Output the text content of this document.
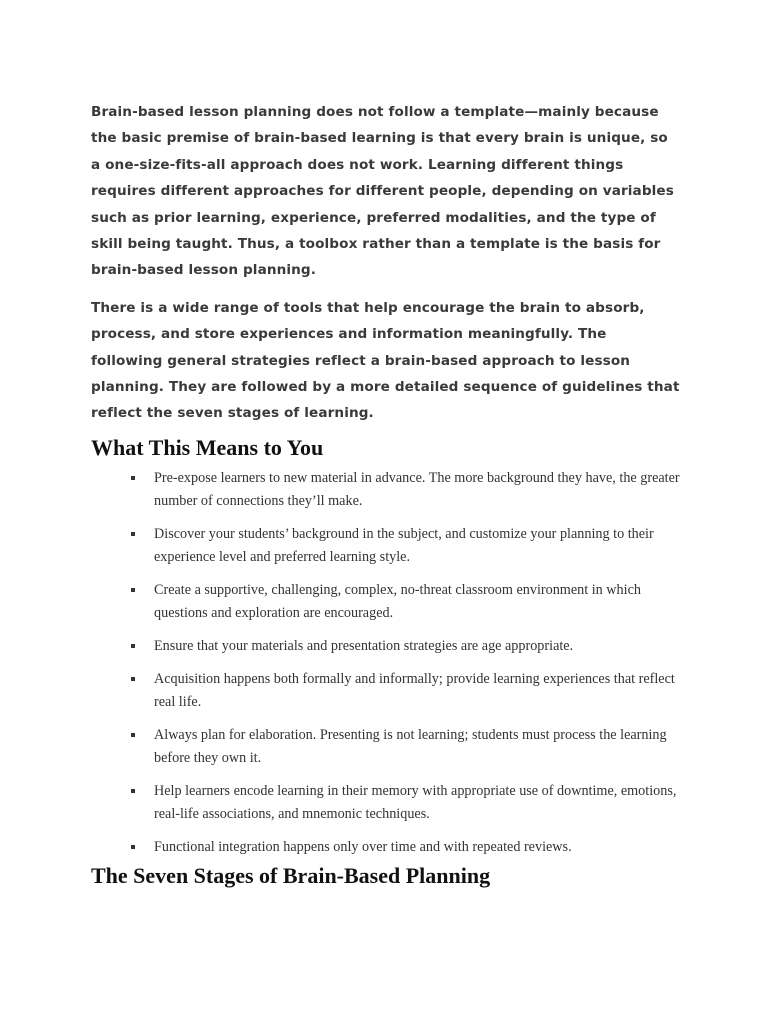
Brain-based lesson planning does not follow a template—mainly because the basic premise of brain-based learning is that every brain is unique, so a one-size-fits-all approach does not work. Learning different things requires different approaches for different people, depending on variables such as prior learning, experience, preferred modalities, and the type of skill being taught. Thus, a toolbox rather than a template is the basis for brain-based lesson planning.

There is a wide range of tools that help encourage the brain to absorb, process, and store experiences and information meaningfully. The following general strategies reflect a brain-based approach to lesson planning. They are followed by a more detailed sequence of guidelines that reflect the seven stages of learning.

What This Means to You
Pre-expose learners to new material in advance. The more background they have, the greater number of connections they’ll make.
Discover your students’ background in the subject, and customize your planning to their experience level and preferred learning style.
Create a supportive, challenging, complex, no-threat classroom environment in which questions and exploration are encouraged.
Ensure that your materials and presentation strategies are age appropriate.
Acquisition happens both formally and informally; provide learning experiences that reflect real life.
Always plan for elaboration. Presenting is not learning; students must process the learning before they own it.
Help learners encode learning in their memory with appropriate use of downtime, emotions, real-life associations, and mnemonic techniques.
Functional integration happens only over time and with repeated reviews.
The Seven Stages of Brain-Based Planning
